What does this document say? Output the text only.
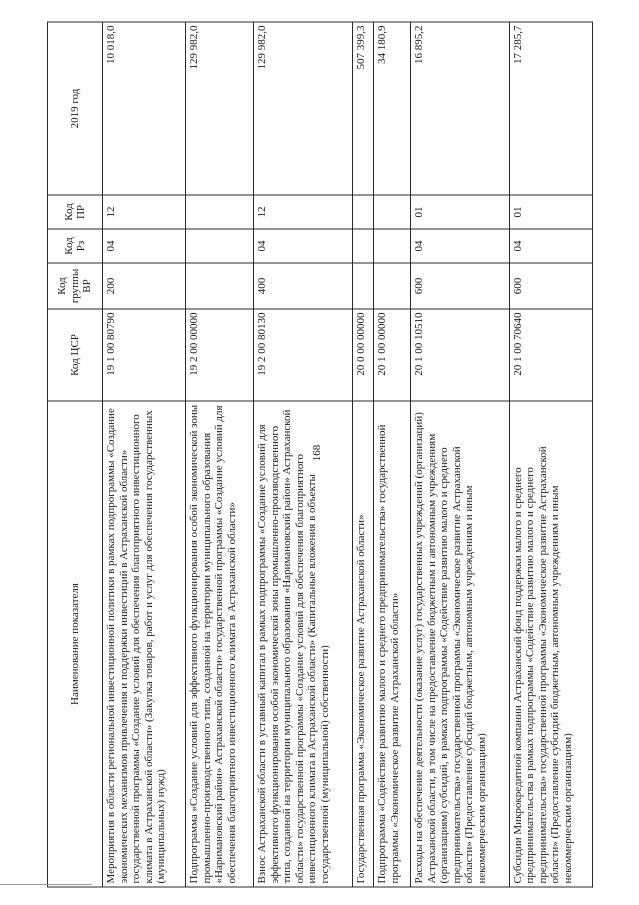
168
Наименование показателя	Код ЦСР	Код группы ВР	Код Рз	Код ПР	2019 год
Мероприятия в области региональной инвестиционной политики в рамках подпрограммы «Создание экономических механизмов привлечения и поддержки инвестиций в Астраханской области» государственной программы «Создание условий для обеспечения благоприятного инвестиционного климата в Астраханской области» (Закупка товаров, работ и услуг для обеспечения государственных (муниципальных) нужд)	19 1 00 80790	200	04	12	10 018,0
Подпрограмма «Создание условий для эффективного функционирования особой экономической зоны промышленно-производственного типа, созданной на территории муниципального образования «Наримановский район» Астраханской области» государственной программы «Создание условий для обеспечения благоприятного инвестиционного климата в Астраханской области»	19 2 00 00000				129 982,0
Взнос Астраханской области в уставный капитал в рамках подпрограммы «Создание условий для эффективного функционирования особой экономической зоны промышленно-производственного типа, созданной на территории муниципального образования «Наримановский район» Астраханской области» государственной программы «Создание условий для обеспечения благоприятного инвестиционного климата в Астраханской области» (Капитальные вложения в объекты государственной (муниципальной) собственности)	19 2 00 80130	400	04	12	129 982,0
Государственная программа «Экономическое развитие Астраханской области»	20 0 00 00000				507 399,3
Подпрограмма «Содействие развитию малого и среднего предпринимательства» государственной программы «Экономическое развитие Астраханской области»	20 1 00 00000				34 180,9
Расходы на обеспечение деятельности (оказание услуг) государственных учреждений (организаций) Астраханской области, в том числе на предоставление бюджетным и автономным учреждениям (организациям) субсидий, в рамках подпрограммы «Содействие развитию малого и среднего предпринимательства» государственной программы «Экономическое развитие Астраханской области» (Предоставление субсидий бюджетным, автономным учреждениям и иным некоммерческим организациям)	20 1 00 10510	600	04	01	16 895,2
Субсидии Микрокредитной компании Астраханский фонд поддержки малого и среднего предпринимательства в рамках подпрограммы «Содействие развитию малого и среднего предпринимательства» государственной программы «Экономическое развитие Астраханской области» (Предоставление субсидий бюджетным, автономным учреждениям и иным некоммерческим организациям)	20 1 00 70640	600	04	01	17 285,7
